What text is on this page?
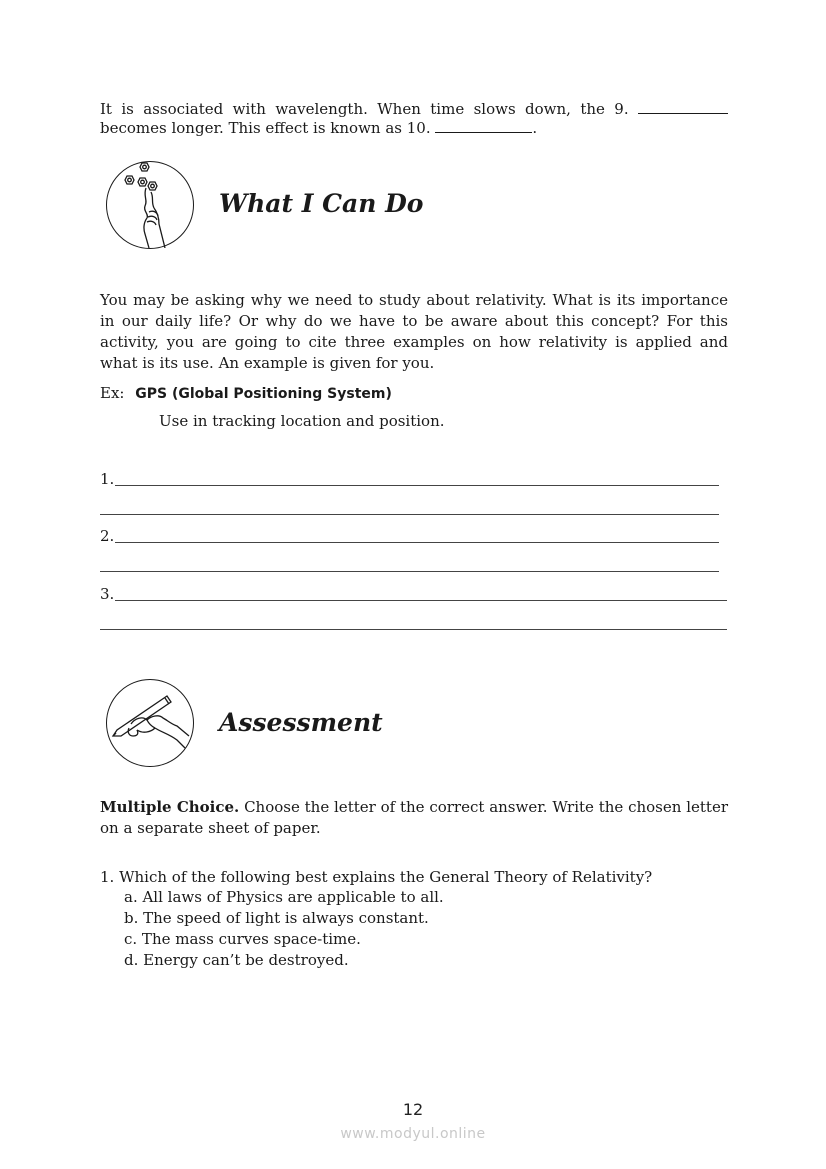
It is associated with wavelength. When time slows down, the 9.
becomes longer. This effect is known as 10.	.
What I Can Do
You may be asking why we need to study about relativity. What is its importance in our daily life? Or why do we have to be aware about this concept? For this activity, you are going to cite three examples on how relativity is applied and what is its use. An example is given for you.
Ex: GPS (Global Positioning System)
Use in tracking location and position.
1.
2.
3.
Assessment
Multiple Choice. Choose the letter of the correct answer. Write the chosen letter on a separate sheet of paper.
1. Which of the following best explains the General Theory of Relativity?
a. All laws of Physics are applicable to all.
b. The speed of light is always constant.
c. The mass curves space-time.
d. Energy can’t be destroyed.
12
www.modyul.online
